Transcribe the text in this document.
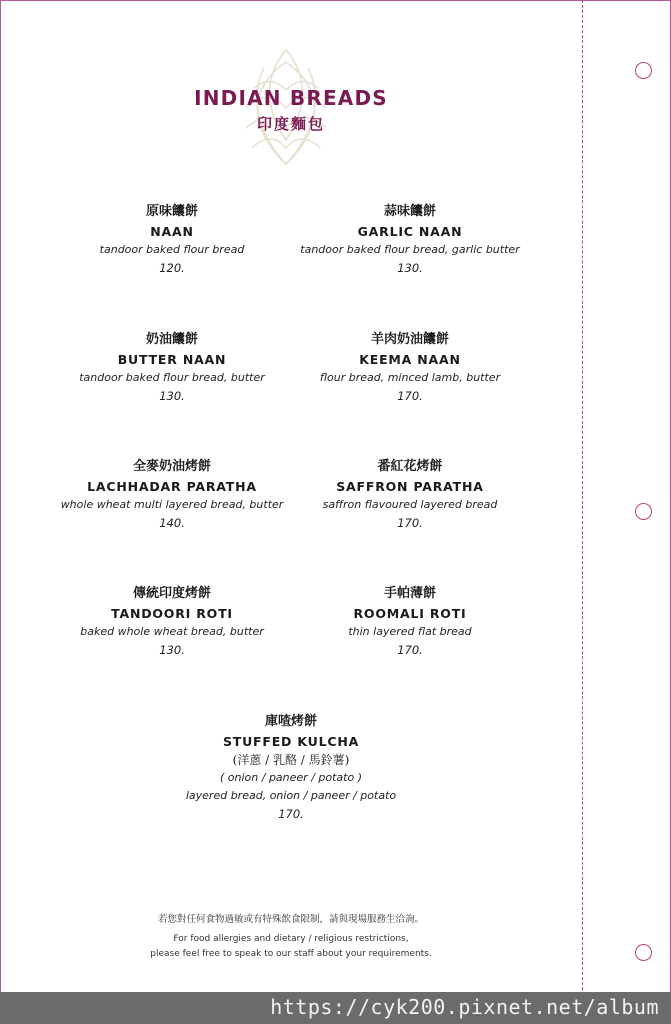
INDIAN BREADS
印度麵包
原味饢餅
NAAN
tandoor baked flour bread
120.
蒜味饢餅
GARLIC NAAN
tandoor baked flour bread, garlic butter
130.
奶油饢餅
BUTTER NAAN
tandoor baked flour bread, butter
130.
羊肉奶油饢餅
KEEMA NAAN
flour bread, minced lamb, butter
170.
全麥奶油烤餅
LACHHADAR PARATHA
whole wheat multi layered bread, butter
140.
番紅花烤餅
SAFFRON PARATHA
saffron flavoured layered bread
170.
傳統印度烤餅
TANDOORI ROTI
baked whole wheat bread, butter
130.
手帕薄餅
ROOMALI ROTI
thin layered flat bread
170.
庫喳烤餅
STUFFED KULCHA
(洋蔥 / 乳酪 / 馬鈴薯)
( onion / paneer / potato )
layered bread, onion / paneer / potato
170.
若您對任何食物過敏或有特殊飲食限制，請與現場服務生洽詢。
For food allergies and dietary / religious restrictions,
please feel free to speak to our staff about your requirements.
https://cyk200.pixnet.net/album
